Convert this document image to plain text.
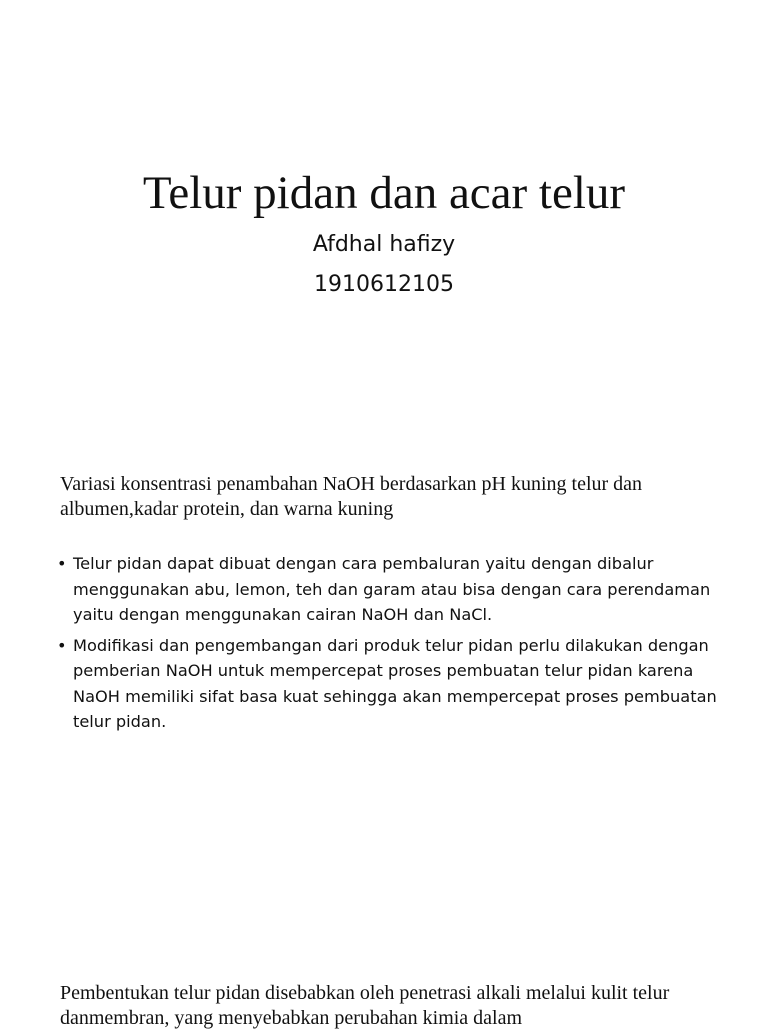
Telur pidan dan acar telur

Afdhal hafizy

1910612105

Variasi konsentrasi penambahan NaOH berdasarkan pH kuning telur dan albumen,kadar protein, dan warna kuning
• Telur pidan dapat dibuat dengan cara pembaluran yaitu dengan dibalur menggunakan abu, lemon, teh dan garam atau bisa dengan cara perendaman yaitu dengan menggunakan cairan NaOH dan NaCl.
• Modifikasi dan pengembangan dari produk telur pidan perlu dilakukan dengan pemberian NaOH untuk mempercepat proses pembuatan telur pidan karena NaOH memiliki sifat basa kuat sehingga akan mempercepat proses pembuatan telur pidan.

Pembentukan telur pidan disebabkan oleh penetrasi alkali melalui kulit telur danmembran, yang menyebabkan perubahan kimia dalam
